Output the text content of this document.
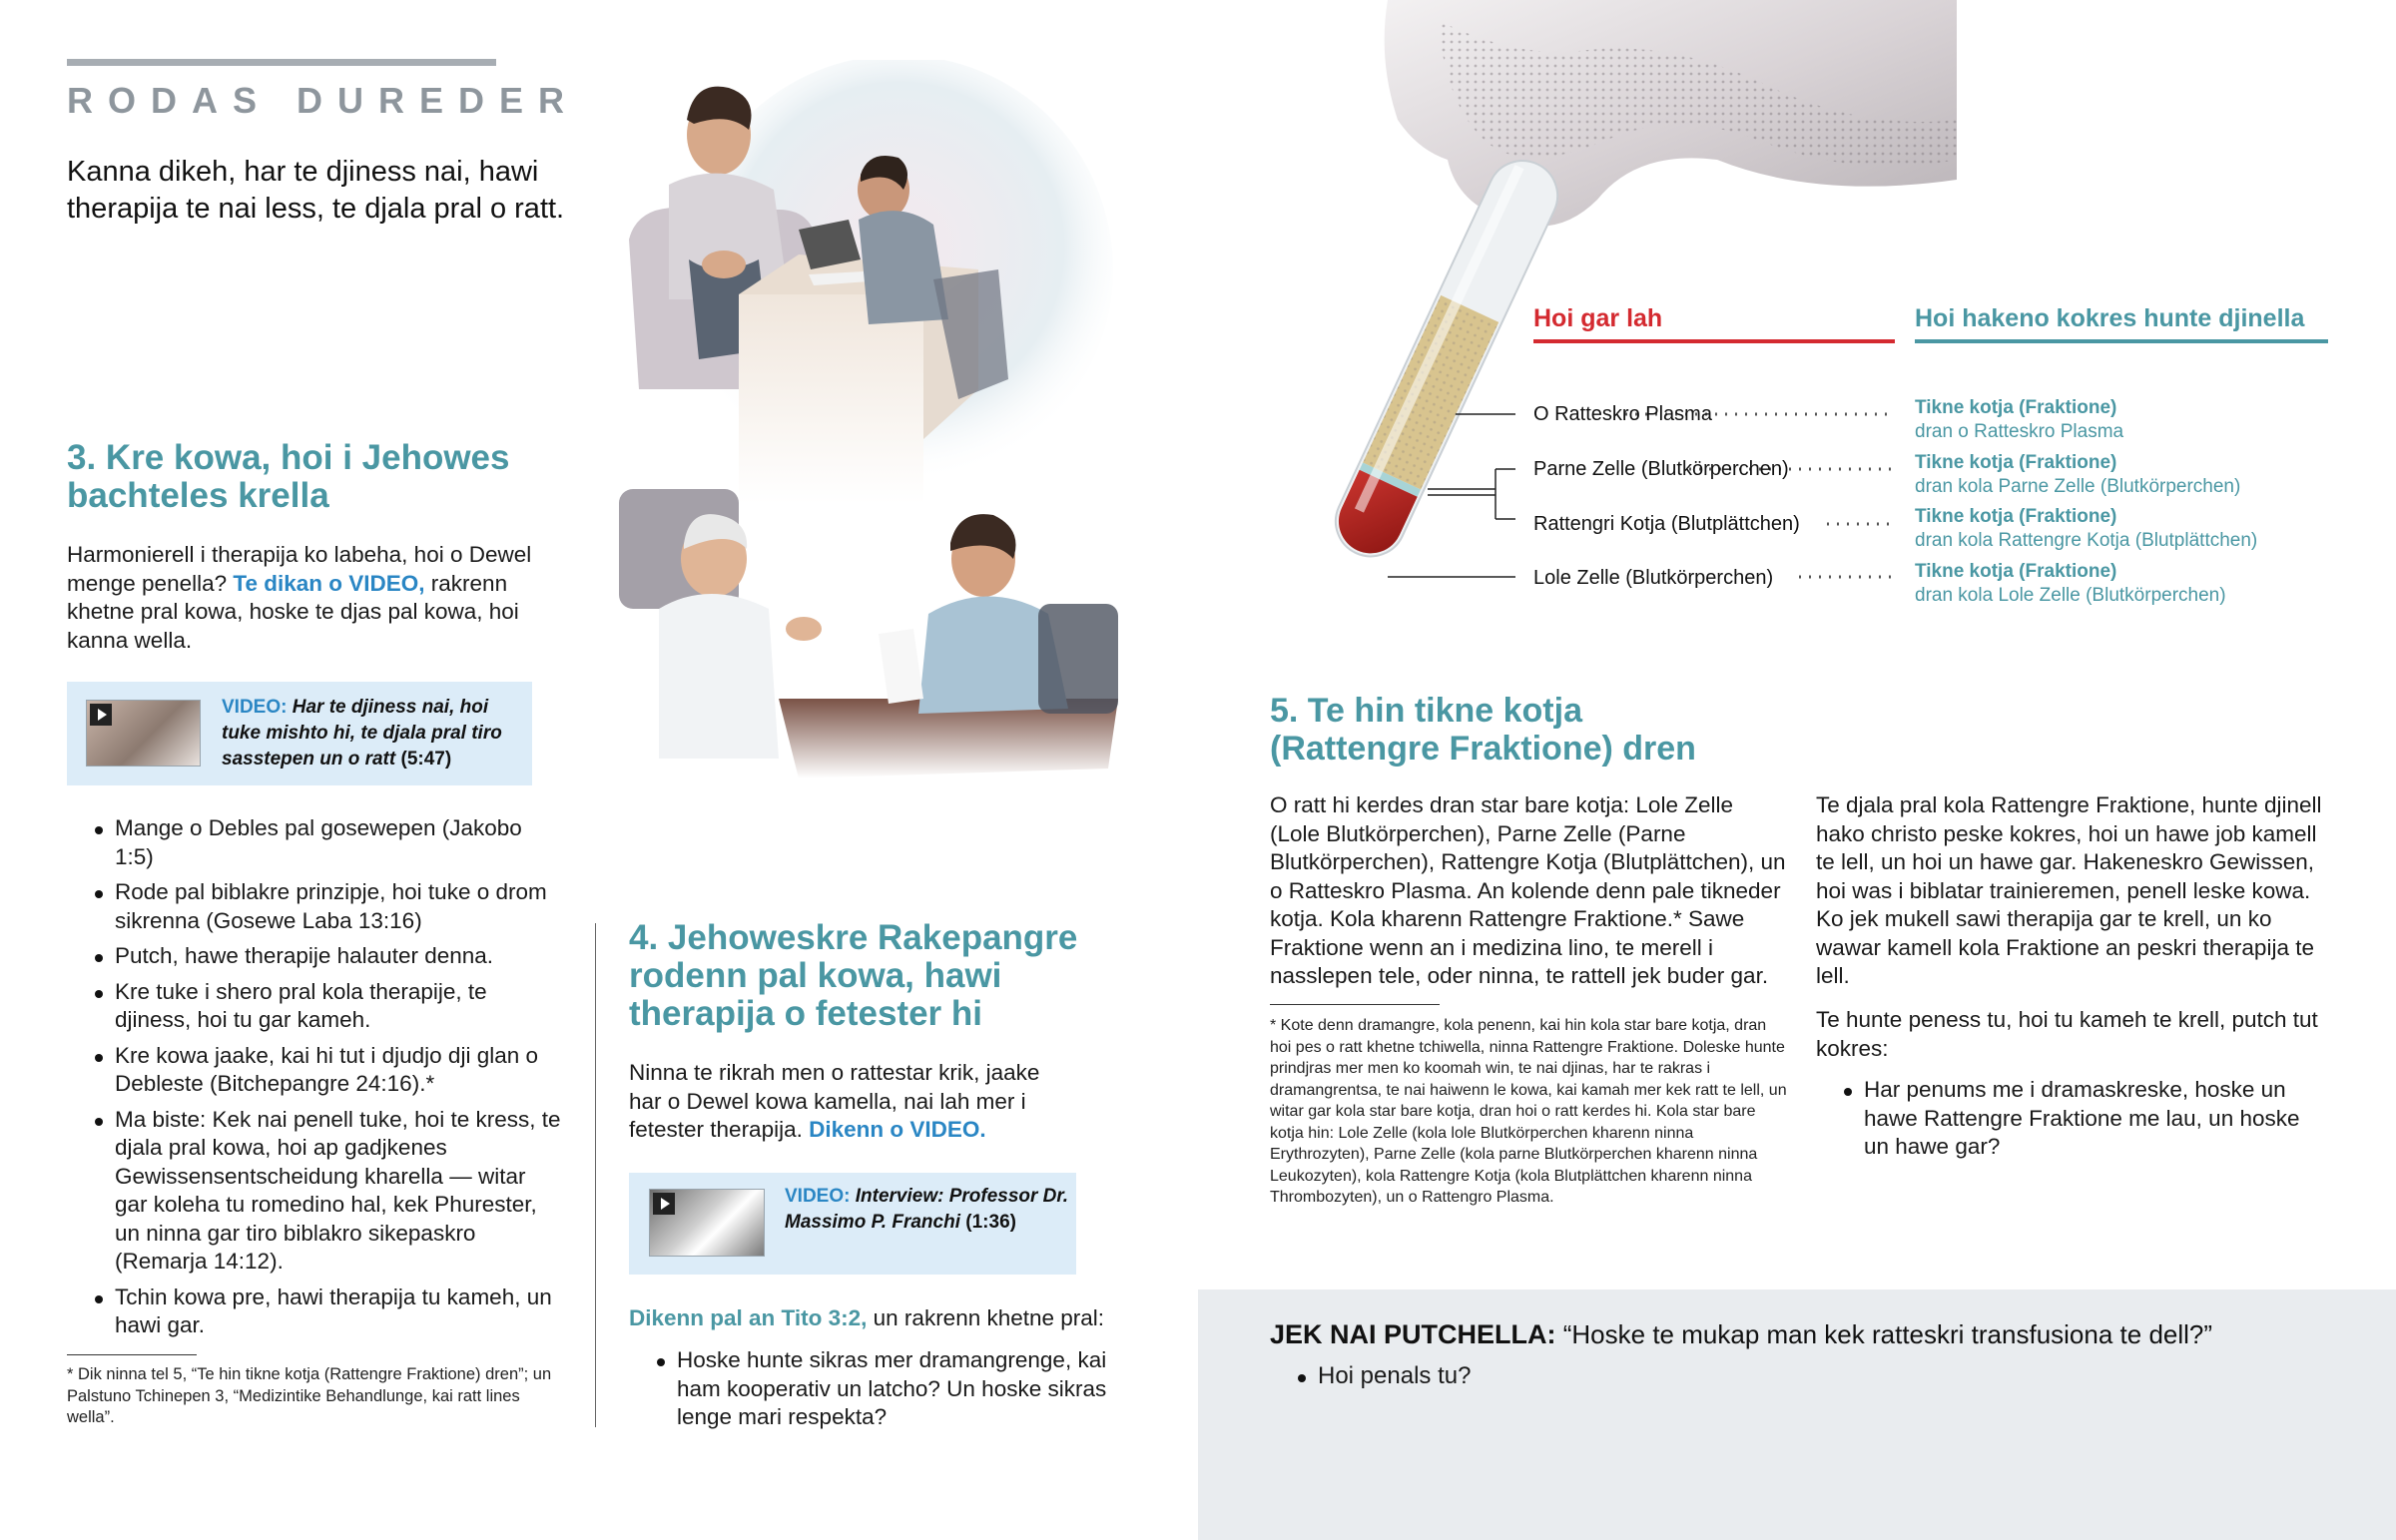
RODAS DUREDER
Kanna dikeh, har te djiness nai, hawi therapija te nai less, te djala pral o ratt.
3. Kre kowa, hoi i Jehowes bachteles krella
Harmonierell i therapija ko labeha, hoi o Dewel menge penella? Te dikan o VIDEO, rakrenn khetne pral kowa, hoske te djas pal kowa, hoi kanna wella.
VIDEO: Har te djiness nai, hoi tuke mishto hi, te djala pral tiro sasstepen un o ratt (5:47)
Mange o Debles pal gosewepen (Jakobo 1:5)
Rode pal biblakre prinzipje, hoi tuke o drom sikrenna (Gosewe Laba 13:16)
Putch, hawe therapije halauter denna.
Kre tuke i shero pral kola therapije, te djiness, hoi tu gar kameh.
Kre kowa jaake, kai hi tut i djudjo dji glan o Debleste (Bitchepangre 24:16).*
Ma biste: Kek nai penell tuke, hoi te kress, te djala pral kowa, hoi ap gadjkenes Gewissensentscheidung kharella — witar gar koleha tu romedino hal, kek Phurester, un ninna gar tiro biblakro sikepaskro (Remarja 14:12).
Tchin kowa pre, hawi therapija tu kameh, un hawi gar.
* Dik ninna tel 5, “Te hin tikne kotja (Rattengre Fraktione) dren”; un Palstuno Tchinepen 3, “Medizintike Behandlunge, kai ratt lines wella”.
4. Jehoweskre Rakepangre rodenn pal kowa, hawi therapija o fetester hi
Ninna te rikrah men o rattestar krik, jaake har o Dewel kowa kamella, nai lah mer i fetester therapija. Dikenn o VIDEO.
VIDEO: Interview: Professor Dr. Massimo P. Franchi (1:36)
Dikenn pal an Tito 3:2, un rakrenn khetne pral:
Hoske hunte sikras mer dramangrenge, kai ham kooperativ un latcho? Un hoske sikras lenge mari respekta?
Hoi gar lah	Hoi hakeno kokres hunte djinella
O Ratteskro Plasma
Parne Zelle (Blutkörperchen)
Rattengri Kotja (Blutplättchen)
Lole Zelle (Blutkörperchen)
Tikne kotja (Fraktione)
dran o Ratteskro Plasma
Tikne kotja (Fraktione)
dran kola Parne Zelle (Blutkörperchen)
Tikne kotja (Fraktione)
dran kola Rattengre Kotja (Blutplättchen)
Tikne kotja (Fraktione)
dran kola Lole Zelle (Blutkörperchen)
5. Te hin tikne kotja (Rattengre Fraktione) dren
O ratt hi kerdes dran star bare kotja: Lole Zelle (Lole Blutkörperchen), Parne Zelle (Parne Blutkörperchen), Rattengre Kotja (Blutplättchen), un o Ratteskro Plasma. An kolende denn pale tikneder kotja. Kola kharenn Rattengre Fraktione.* Sawe Fraktione wenn an i medizina lino, te merell i nasslepen tele, oder ninna, te rattell jek buder gar.
* Kote denn dramangre, kola penenn, kai hin kola star bare kotja, dran hoi pes o ratt khetne tchiwella, ninna Rattengre Fraktione. Doleske hunte prindjras mer men ko koomah win, te nai djinas, har te rakras i dramangrentsa, te nai haiwenn le kowa, kai kamah mer kek ratt te lell, un witar gar kola star bare kotja, dran hoi o ratt kerdes hi. Kola star bare kotja hin: Lole Zelle (kola lole Blutkörperchen kharenn ninna Erythrozyten), Parne Zelle (kola parne Blutkörperchen kharenn ninna Leukozyten), kola Rattengre Kotja (kola Blutplättchen kharenn ninna Thrombozyten), un o Rattengro Plasma.
Te djala pral kola Rattengre Fraktione, hunte djinell hako christo peske kokres, hoi un hawe job kamell te lell, un hoi un hawe gar. Hakeneskro Gewissen, hoi was i biblatar trainieremen, penell leske kowa. Ko jek mukell sawi therapija gar te krell, un ko wawar kamell kola Fraktione an peskri therapija te lell.
Te hunte peness tu, hoi tu kameh te krell, putch tut kokres:
Har penums me i dramaskreske, hoske un hawe Rattengre Fraktione me lau, un hoske un hawe gar?
JEK NAI PUTCHELLA: “Hoske te mukap man kek ratteskri transfusiona te dell?”
Hoi penals tu?
